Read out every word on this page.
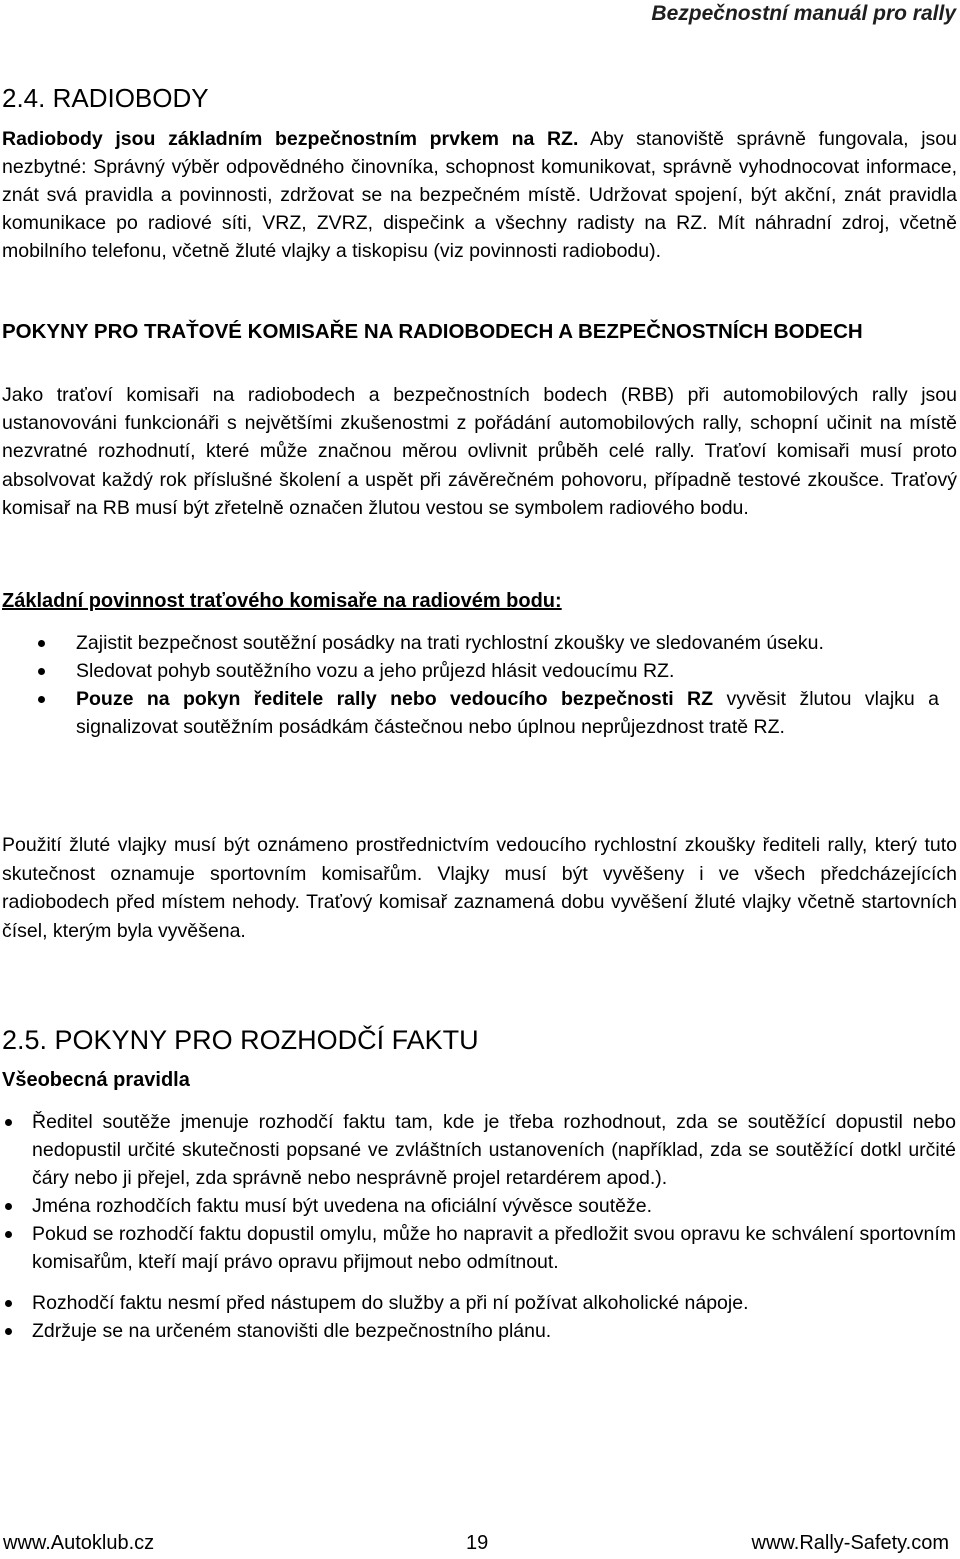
Bezpečnostní manuál pro rally
2.4. RADIOBODY

Radiobody jsou základním bezpečnostním prvkem na RZ. Aby stanoviště správně fungovala, jsou nezbytné: Správný výběr odpovědného činovníka, schopnost komunikovat, správně vyhodnocovat informace, znát svá pravidla a povinnosti, zdržovat se na bezpečném místě. Udržovat spojení, být akční, znát pravidla komunikace po radiové síti, VRZ, ZVRZ, dispečink a všechny radisty na RZ. Mít náhradní zdroj, včetně mobilního telefonu, včetně žluté vlajky a tiskopisu (viz povinnosti radiobodu).

POKYNY PRO TRAŤOVÉ KOMISAŘE NA RADIOBODECH A BEZPEČNOSTNÍCH BODECH

Jako traťoví komisaři na radiobodech a bezpečnostních bodech (RBB) při automobilových rally jsou ustanovováni funkcionáři s největšími zkušenostmi z pořádání automobilových rally, schopní učinit na místě nezvratné rozhodnutí, které může značnou měrou ovlivnit průběh celé rally. Traťoví komisaři musí proto absolvovat každý rok příslušné školení a uspět při závěrečném pohovoru, případně testové zkoušce. Traťový komisař na RB musí být zřetelně označen žlutou vestou se symbolem radiového bodu.

Základní povinnost traťového komisaře na radiovém bodu:
Zajistit bezpečnost soutěžní posádky na trati rychlostní zkoušky ve sledovaném úseku.
Sledovat pohyb soutěžního vozu a jeho průjezd hlásit vedoucímu RZ.
Pouze na pokyn ředitele rally nebo vedoucího bezpečnosti RZ vyvěsit žlutou vlajku a signalizovat soutěžním posádkám částečnou nebo úplnou neprůjezdnost tratě RZ.

Použití žluté vlajky musí být oznámeno prostřednictvím vedoucího rychlostní zkoušky řediteli rally, který tuto skutečnost oznamuje sportovním komisařům. Vlajky musí být vyvěšeny i ve všech předcházejících radiobodech před místem nehody. Traťový komisař zaznamená dobu vyvěšení žluté vlajky včetně startovních čísel, kterým byla vyvěšena.

2.5. POKYNY PRO ROZHODČÍ FAKTU
Všeobecná pravidla
Ředitel soutěže jmenuje rozhodčí faktu tam, kde je třeba rozhodnout, zda se soutěžící dopustil nebo nedopustil určité skutečnosti popsané ve zvláštních ustanoveních (například, zda se soutěžící dotkl určité čáry nebo ji přejel, zda správně nebo nesprávně projel retardérem apod.).
Jména rozhodčích faktu musí být uvedena na oficiální vývěsce soutěže.
Pokud se rozhodčí faktu dopustil omylu, může ho napravit a předložit svou opravu ke schválení sportovním komisařům, kteří mají právo opravu přijmout nebo odmítnout.
Rozhodčí faktu nesmí před nástupem do služby a při ní požívat alkoholické nápoje.
Zdržuje se na určeném stanovišti dle bezpečnostního plánu.
www.Autoklub.cz	19	www.Rally-Safety.com
